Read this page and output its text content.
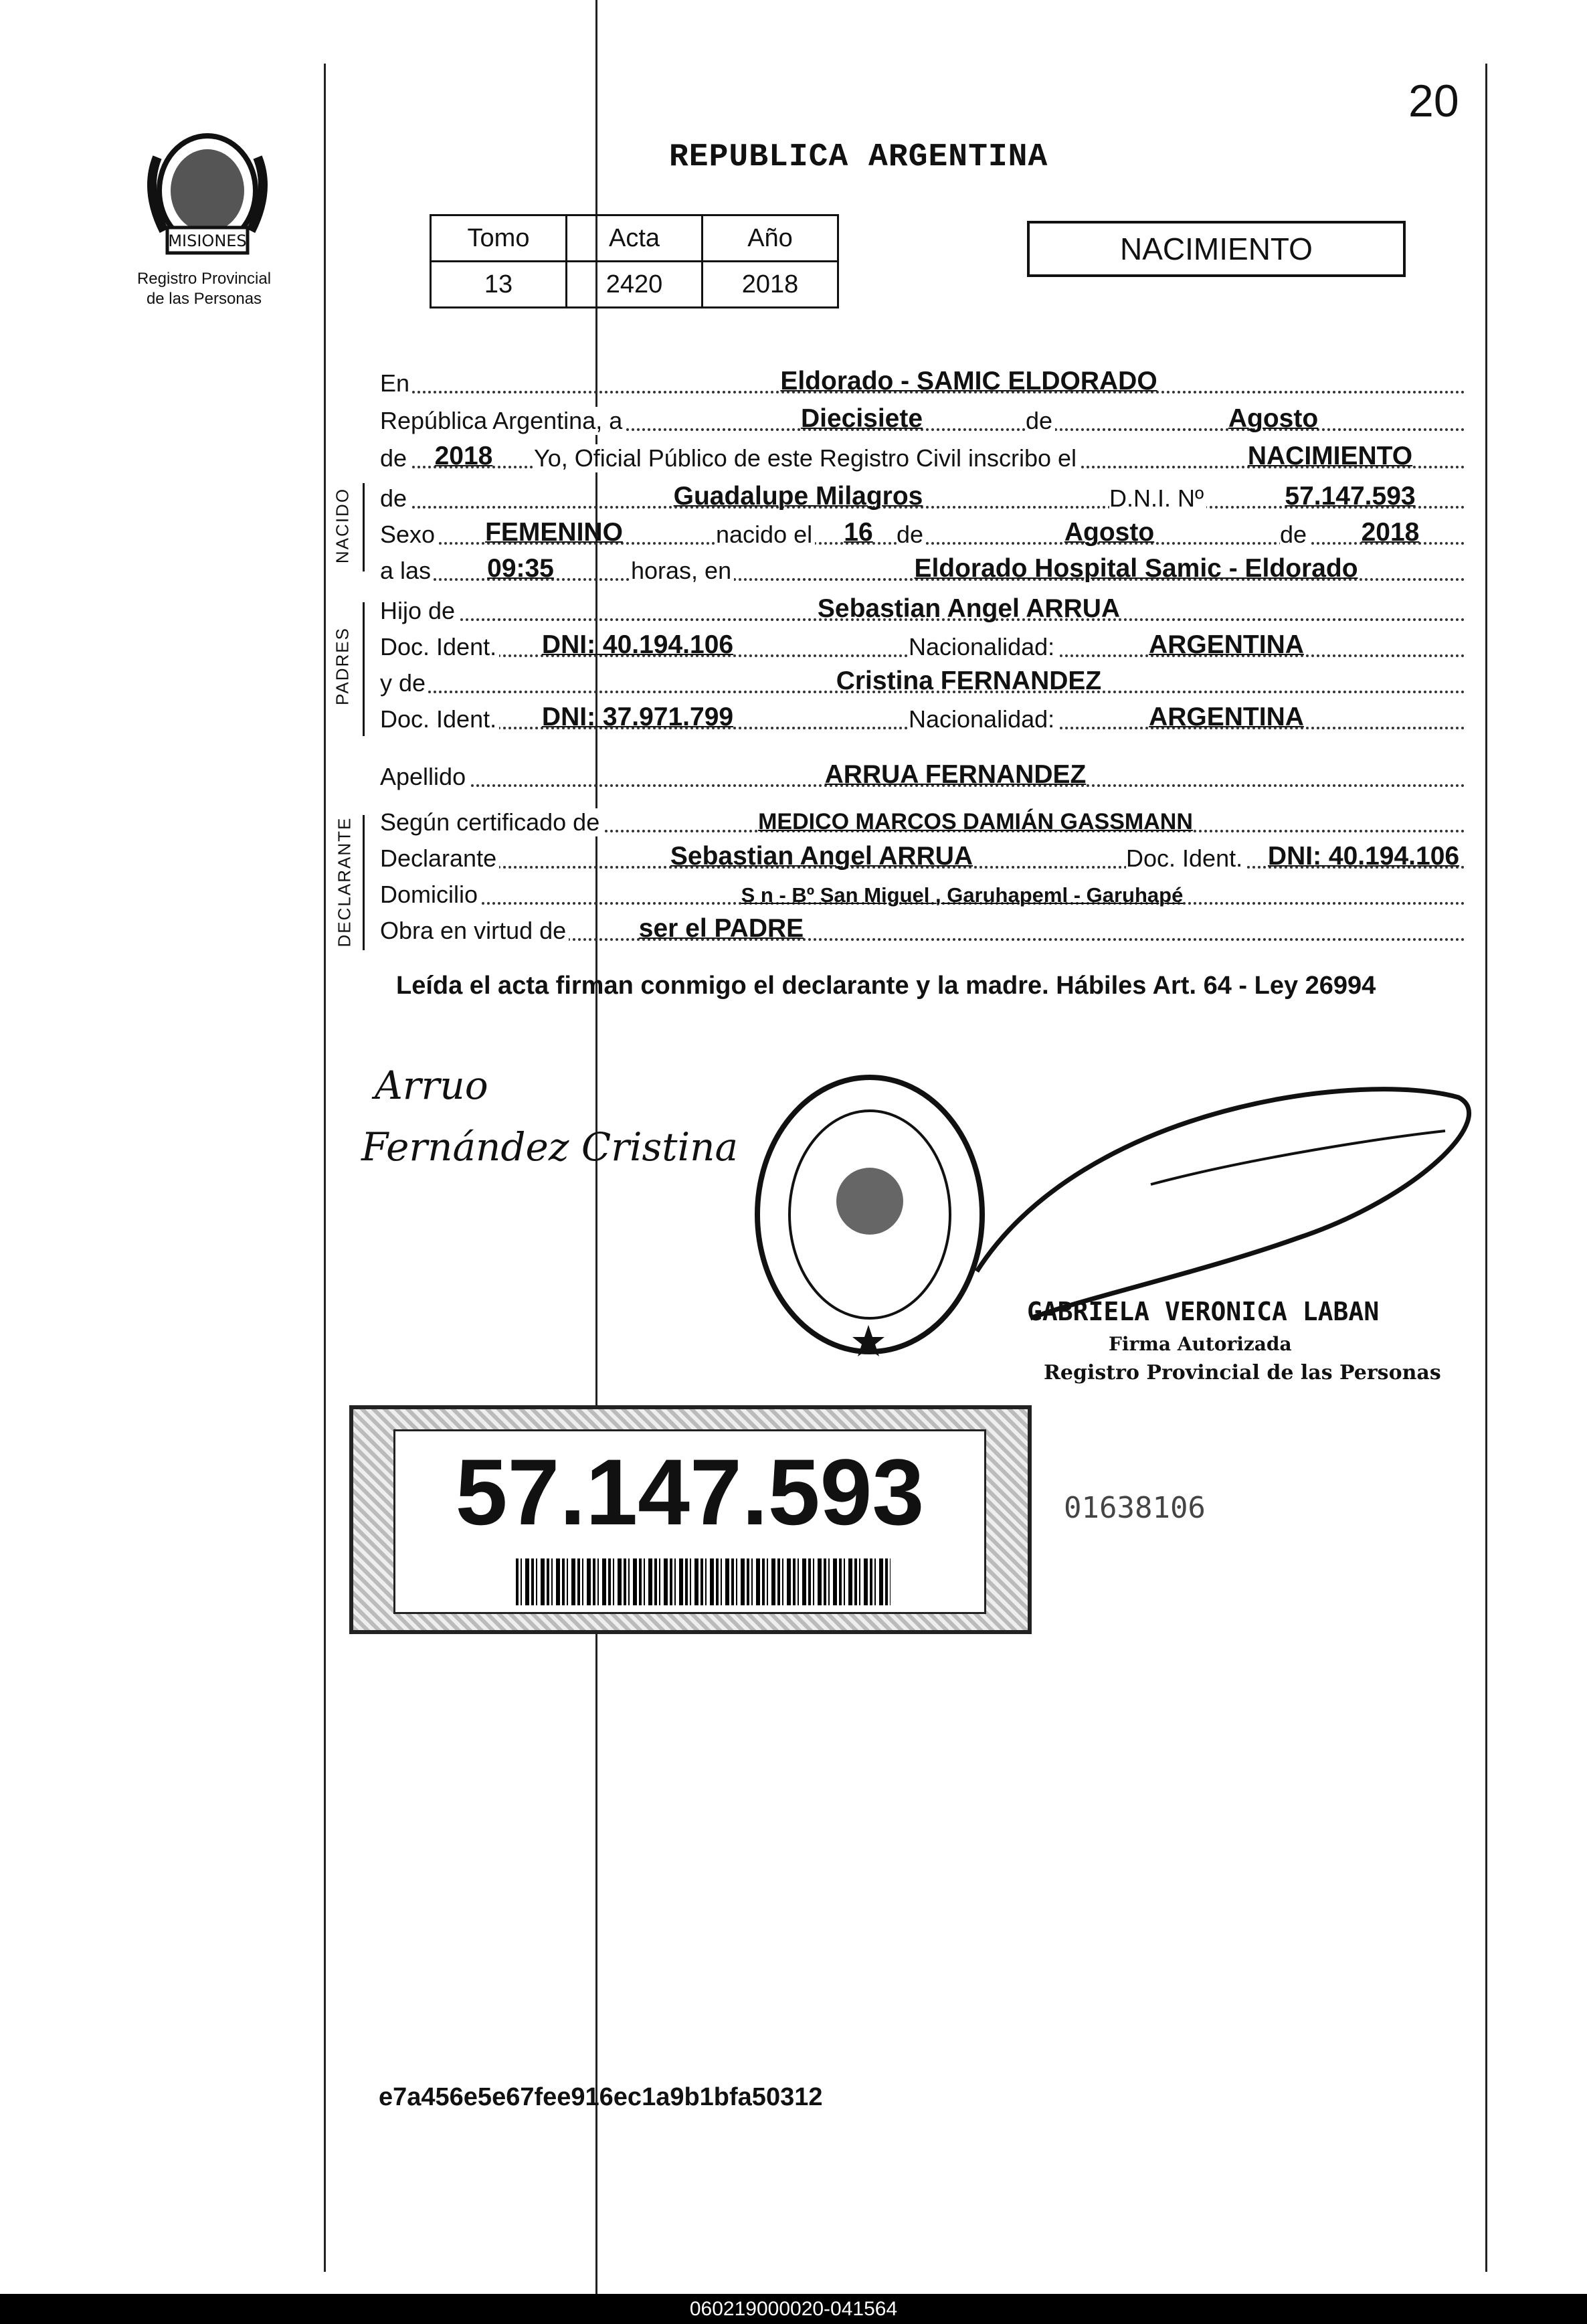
20
MISIONES
Registro Provincial
de las Personas
REPUBLICA ARGENTINA
Tomo	Acta	Año
13	2420	2018
NACIMIENTO
En	Eldorado - SAMIC ELDORADO
República Argentina, a	Diecisiete	de	Agosto
de	2018	Yo, Oficial Público de este Registro Civil inscribo el	NACIMIENTO
NACIDO de	Guadalupe Milagros	D.N.I. Nº	57.147.593
Sexo FEMENINO	nacido el	16 de	Agosto	de	2018
a las	09:35	horas, en	Eldorado Hospital Samic - Eldorado
PADRES
Hijo de	Sebastian Angel ARRUA
Doc. Ident.	DNI: 40.194.106	Nacionalidad:	ARGENTINA
y de	Cristina FERNANDEZ
Doc. Ident.	DNI: 37.971.799	Nacionalidad:	ARGENTINA
Apellido	ARRUA FERNANDEZ
DECLARANTE Según certificado de	MEDICO MARCOS DAMIÁN GASSMANN
Declarante	Sebastian Angel ARRUA	Doc. Ident. DNI: 40.194.106
Domicilio	S n - Bº San Miguel , Garuhapeml - Garuhapé
Obra en virtud de	ser el PADRE
Leída el acta firman conmigo el declarante y la madre. Hábiles Art. 64 - Ley 26994
Arruo
Fernández Cristina
GABRIELA VERONICA LABAN
Firma Autorizada
Registro Provincial de las Personas
57.147.593	01638106
e7a456e5e67fee916ec1a9b1bfa50312
060219000020-041564
